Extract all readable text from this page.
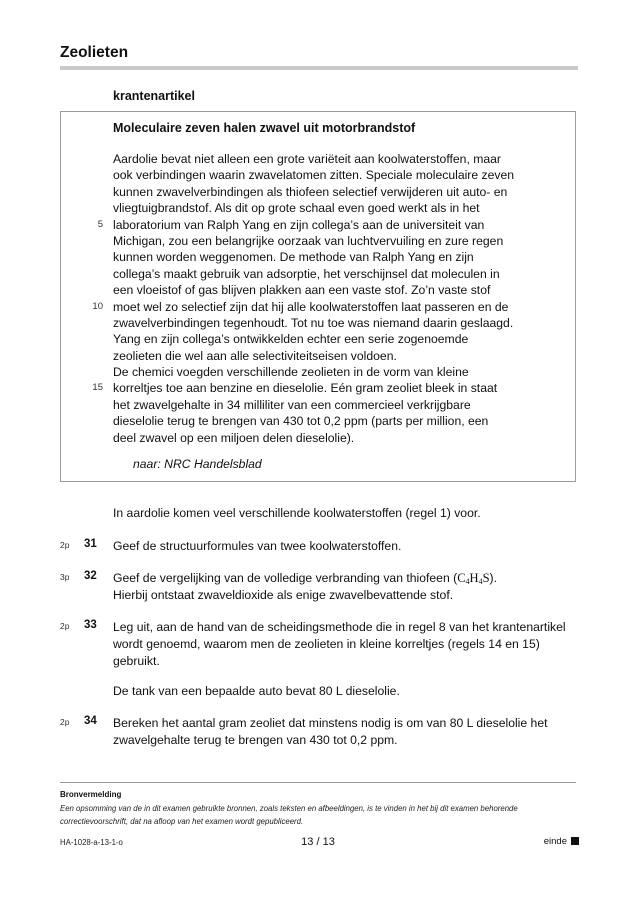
Zeolieten
krantenartikel
Moleculaire zeven halen zwavel uit motorbrandstof
Aardolie bevat niet alleen een grote variëteit aan koolwaterstoffen, maar
ook verbindingen waarin zwavelatomen zitten. Speciale moleculaire zeven
kunnen zwavelverbindingen als thiofeen selectief verwijderen uit auto- en
vliegtuigbrandstof. Als dit op grote schaal even goed werkt als in het
5 laboratorium van Ralph Yang en zijn collega’s aan de universiteit van
Michigan, zou een belangrijke oorzaak van luchtvervuiling en zure regen
kunnen worden weggenomen. De methode van Ralph Yang en zijn
collega’s maakt gebruik van adsorptie, het verschijnsel dat moleculen in
een vloeistof of gas blijven plakken aan een vaste stof. Zo’n vaste stof
10 moet wel zo selectief zijn dat hij alle koolwaterstoffen laat passeren en de
zwavelverbindingen tegenhoudt. Tot nu toe was niemand daarin geslaagd.
Yang en zijn collega’s ontwikkelden echter een serie zogenoemde
zeolieten die wel aan alle selectiviteitseisen voldoen.
De chemici voegden verschillende zeolieten in de vorm van kleine
15 korreltjes toe aan benzine en dieselolie. Eén gram zeoliet bleek in staat
het zwavelgehalte in 34 milliliter van een commercieel verkrijgbare
dieselolie terug te brengen van 430 tot 0,2 ppm (parts per million, een
deel zwavel op een miljoen delen dieselolie).
naar: NRC Handelsblad
In aardolie komen veel verschillende koolwaterstoffen (regel 1) voor.
2p 31 Geef de structuurformules van twee koolwaterstoffen.
3p 32 Geef de vergelijking van de volledige verbranding van thiofeen $(C_4H_4S)$.
Hierbij ontstaat zwaveldioxide als enige zwavelbevattende stof.
2p 33 Leg uit, aan de hand van de scheidingsmethode die in regel 8 van het krantenartikel wordt genoemd, waarom men de zeolieten in kleine korreltjes (regels 14 en 15) gebruikt.
De tank van een bepaalde auto bevat 80 L dieselolie.
2p 34 Bereken het aantal gram zeoliet dat minstens nodig is om van 80 L dieselolie het zwavelgehalte terug te brengen van 430 tot 0,2 ppm.
Bronvermelding
Een opsomming van de in dit examen gebruikte bronnen, zoals teksten en afbeeldingen, is te vinden in het bij dit examen behorende correctievoorschrift, dat na afloop van het examen wordt gepubliceerd.
HA-1028-a-13-1-o	13 / 13	einde
